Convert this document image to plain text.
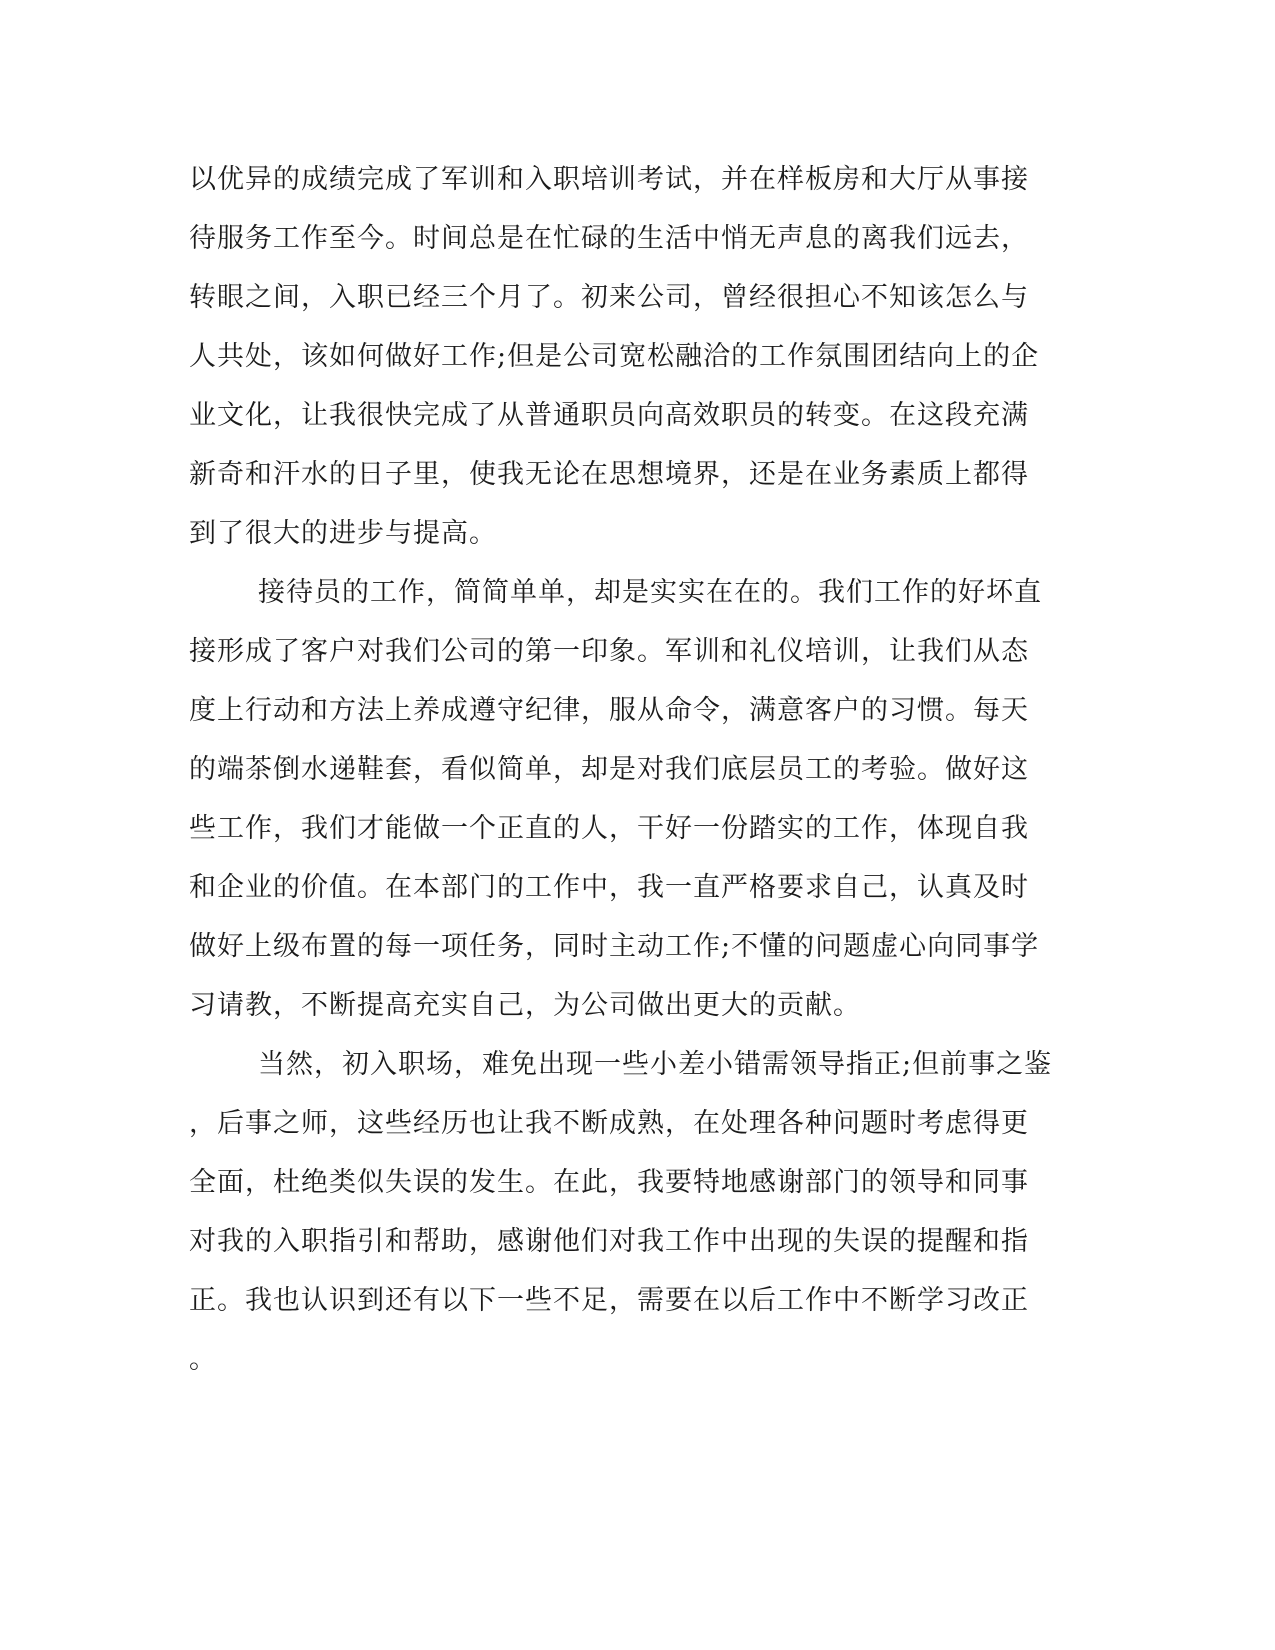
以优异的成绩完成了军训和入职培训考试，并在样板房和大厅从事接
待服务工作至今。时间总是在忙碌的生活中悄无声息的离我们远去，
转眼之间，入职已经三个月了。初来公司，曾经很担心不知该怎么与
人共处，该如何做好工作;但是公司宽松融洽的工作氛围团结向上的企
业文化，让我很快完成了从普通职员向高效职员的转变。在这段充满
新奇和汗水的日子里，使我无论在思想境界，还是在业务素质上都得
到了很大的进步与提高。
接待员的工作，简简单单，却是实实在在的。我们工作的好坏直
接形成了客户对我们公司的第一印象。军训和礼仪培训，让我们从态
度上行动和方法上养成遵守纪律，服从命令，满意客户的习惯。每天
的端茶倒水递鞋套，看似简单，却是对我们底层员工的考验。做好这
些工作，我们才能做一个正直的人，干好一份踏实的工作，体现自我
和企业的价值。在本部门的工作中，我一直严格要求自己，认真及时
做好上级布置的每一项任务，同时主动工作;不懂的问题虚心向同事学
习请教，不断提高充实自己，为公司做出更大的贡献。
当然，初入职场，难免出现一些小差小错需领导指正;但前事之鉴
，后事之师，这些经历也让我不断成熟，在处理各种问题时考虑得更
全面，杜绝类似失误的发生。在此，我要特地感谢部门的领导和同事
对我的入职指引和帮助，感谢他们对我工作中出现的失误的提醒和指
正。我也认识到还有以下一些不足，需要在以后工作中不断学习改正
。
